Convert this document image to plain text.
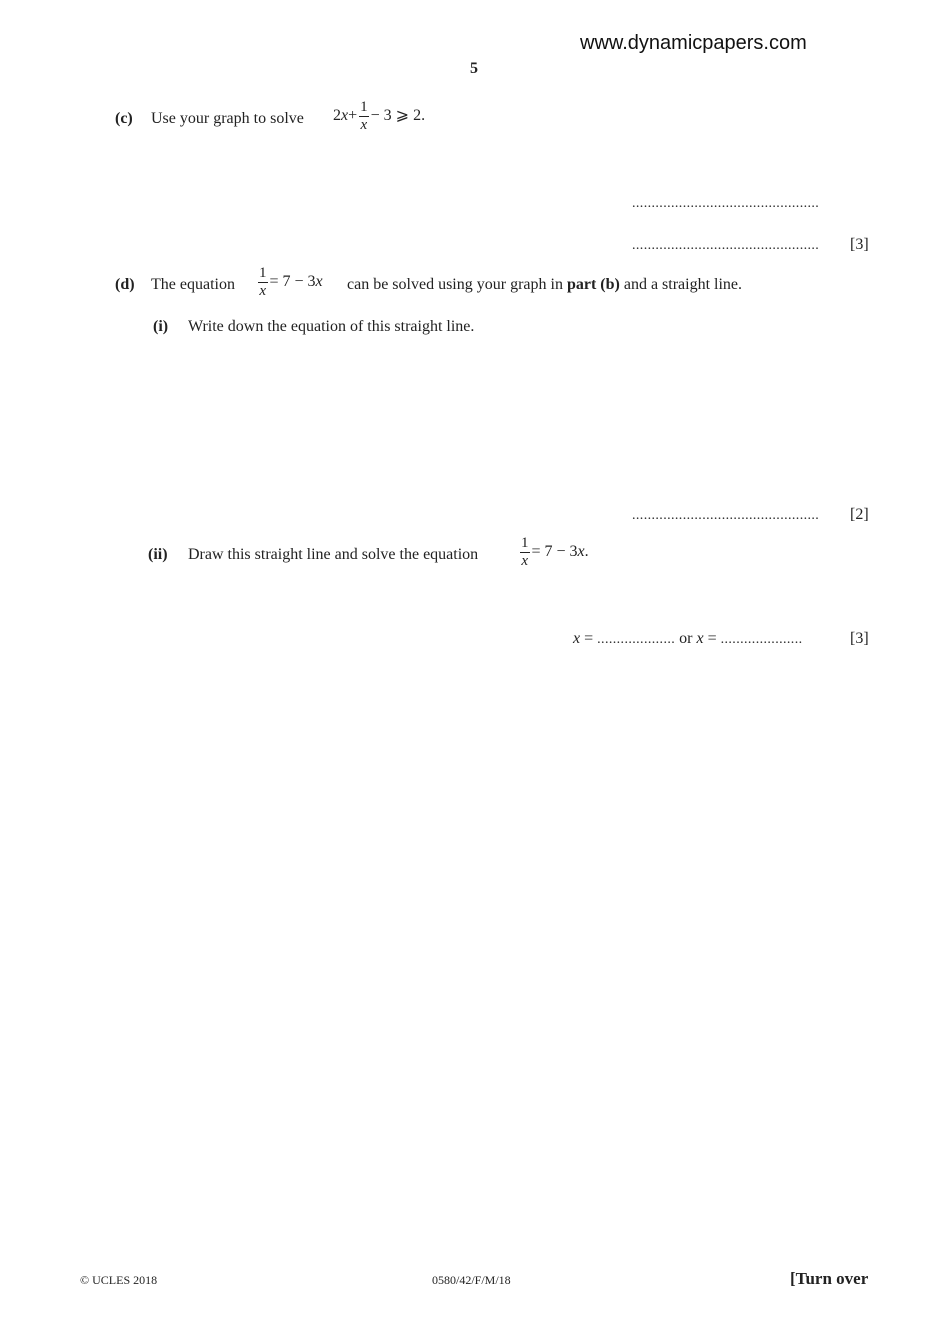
www.dynamicpapers.com
5
(c) Use your graph to solve $2x+ \frac{1}{x} - 3$ ⩾ 2.
................................................
................................................ [3]
(d) The equation $\frac{1}{x} = 7 - 3x$ can be solved using your graph in part (b) and a straight line.
(i) Write down the equation of this straight line.
................................................ [2]
(ii) Draw this straight line and solve the equation	$\frac{1}{x} = 7 - 3x$.
x = .................... or x = .....................	[3]
© UCLES 2018	0580/42/F/M/18	[Turn over
